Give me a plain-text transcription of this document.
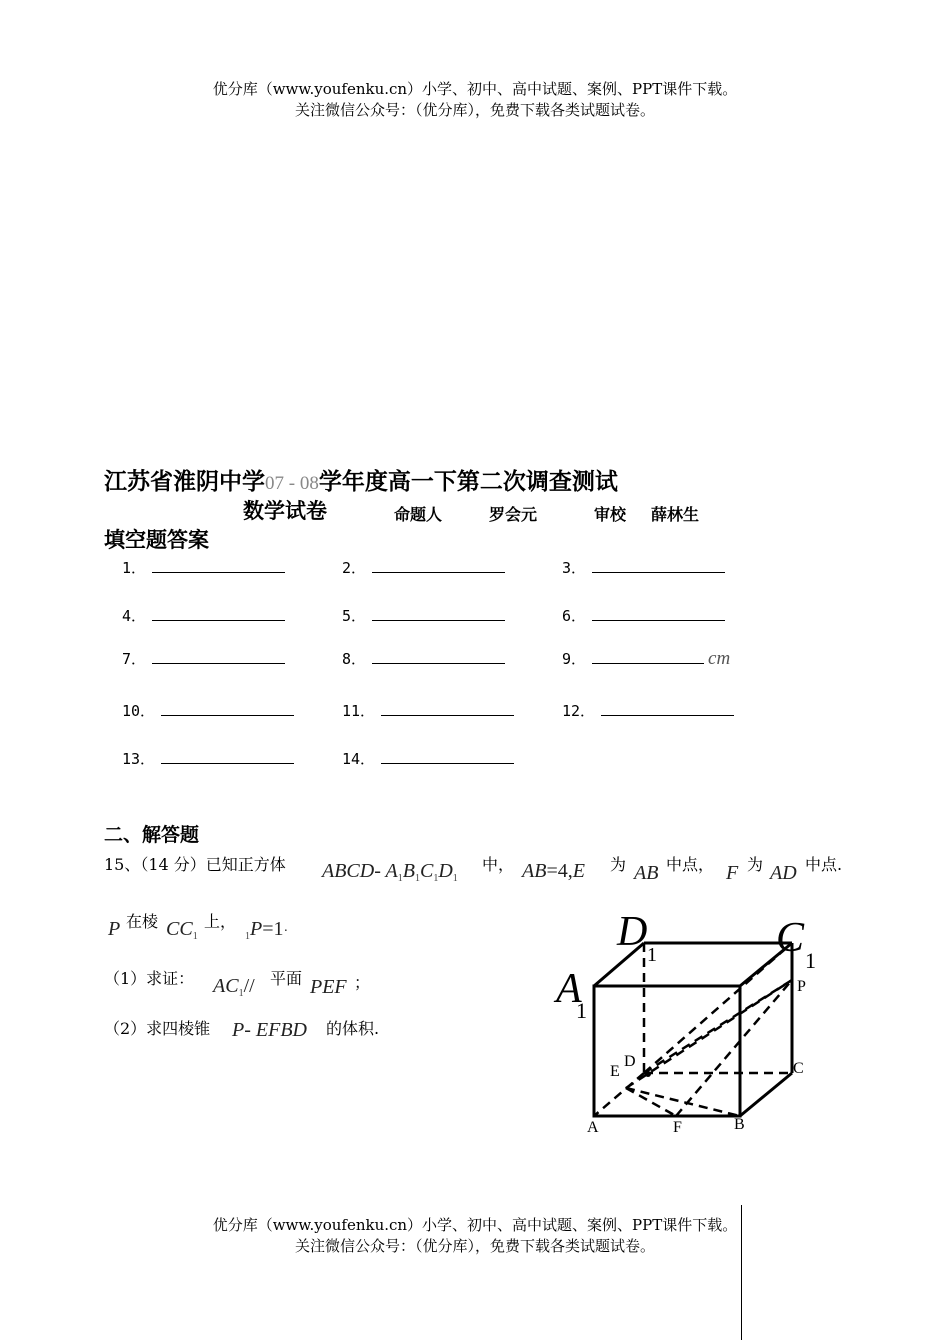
优分库（www.youfenku.cn）小学、初中、高中试题、案例、PPT课件下载。
关注微信公众号：（优分库），免费下载各类试题试卷。
江苏省淮阴中学07 - 08学年度高一下第二次调查测试
数学试卷	命题人	罗会元	审校 薛林生
填空题答案
1．	2．	3．
4．	5．	6．
7．	8．	9．	cm
10．	11．	12．
13．	14．
二、解答题
15、（14 分）已知正方体 ABCD- $A_1B_1C_1D_1$
中， AB=4,E 为 AB 中点， F 为 AD 中点.
P 在棱 $CC_1$
上，
$_1$P=1·
（1）求证： $AC_1//$ 平面 PEF ；
（2）求四棱锥 P- EFBD 的体积.
D 1	C 1
A
1
P
D
E	C
A	F	B
优分库（www.youfenku.cn）小学、初中、高中试题、案例、PPT课件下载。
关注微信公众号：（优分库），免费下载各类试题试卷。
